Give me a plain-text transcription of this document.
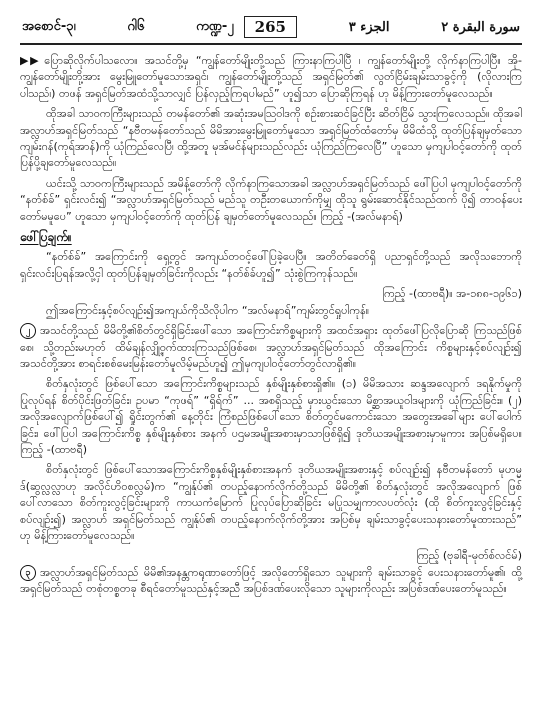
အစောင်-၃၊	ဂါ၆	ကဏ္ဍ-၂	265	الجزء ٣	سورة البقرة ٢

▶▶ ပြောဆိုလိုက်ပါသလော။ အသင်တို့မှ “ကျွန်တော်မျိုးတို့သည် ကြားနာကြပါပြီ ၊ ကျွန်တော်မျိုးတို့ လိုက်နာကြပါပြီ။ အို-ကျွန်တော်မျိုးတို့အား မွေးမြူတော်မူသောအရှင်၊ ကျွန်တော်မျိုးတို့သည် အရှင်မြတ်၏ လွတ်ငြိမ်းချမ်းသာခွင့်ကို (လိုလားကြပါသည်၊) တဖန် အရှင်မြတ်အထံသို့သာလျှင် ပြန်လှည့်ကြရပါမည်” ဟူ၍သာ ပြောဆိုကြရန် ဟု မိန့်ကြားတော်မူလေသည်။

ထိုအခါ သာဝကကြီးများသည် တမန်တော်၏ အဆုံးအမသြဝါဒကို စဉ်းစားဆင်ခြင်ပြီး ဆိတ်ငြိမ် သွားကြလေသည်။ ထိုအခါ အလ္လာဟ်အရှင်မြတ်သည် “နဗီတမန်တော်သည် မိမိအားမွေးမြူတော်မူသော အရှင်မြတ်ထံတော်မှ မိမိထံသို့ ထုတ်ပြန်ချမှတ်သော ကျမ်းဂန်(ကုရ်အာန်)ကို ယုံကြည်လေပြီ၊ ထို့အတူ မုအ်မင်န်များသည်လည်း ယုံကြည်ကြလေပြီ” ဟူသော မှကျပါဝင့်တော်ကို ထုတ်ပြန်ပို့ချတော်မူလေသည်။

ယင်းသို့ သာဝကကြီးများသည် အမိန့်တော်ကို လိုက်နာကြသောအခါ အလ္လာဟ်အရှင်မြတ်သည် ဖေါ်ပြပါ မှကျပါဝင့်တော်ကို “နတ်စ်ခ်” ရှင်းလင်း၍ “အလ္လာဟ်အရှင်မြတ်သည် မည်သူ တဦးတယောက်ကိုမျှ ထိုသူ ရွမ်းဆောင်နိုင်သည်ထက် ပို၍ တာဝန်ပေးတော်မမူပေ” ဟူသော မှကျပါဝင့်တော်ကို ထုတ်ပြန် ချမှတ်တော်မူလေသည်။ ကြည့် -(အလ်မနာရ်)

ဖေါ်ပြချက်။

“နတ်စ်ခ်” အကြောင်းကို ရှေ့တွင် အကျယ်တဝင့်ဖေါ်ပြခဲ့ပေပြီ။ အတိတ်ခေတ်ရှိ ပညာရှင်တို့သည် အလိုသဘောကို ရှင်းလင်းပြရန်အလို့ငှါ ထုတ်ပြန်ချမှတ်ခြင်းကိုလည်း “နတ်စ်ခ်ဟူ၍” သုံးစွဲကြကုန်သည်။

ကြည့် -(ထာဗရီ)။ အ-၁၈၈-၁၉၆၁)

ဤအကြောင်းနှင့်စပ်လျဉ်း၍အကျယ်ကိုသိလိုပါက “အလ်မနာရ်”ကျမ်းတွင်ရှုပါကုန်။

၂ အသင်တို့သည် မိမိတို့၏စိတ်တွင်ရှိခြင်းဖေါ်သော အကြောင်းကိစ္စများကို အထင်အရှား ထုတ်ဖေါ်ပြလိုပြောဆို ကြသည်ဖြစ်စေ၊ သို့တည်းမဟုတ် ထိမ်ချန်လျှို့ဝှက်ထားကြသည်ဖြစ်စေ၊ အလ္လာဟ်အရှင်မြတ်သည် ထိုအကြောင်း ကိစ္စများနှင့်စပ်လျဉ်း၍ အသင်တို့အား စာရင်းစစ်မေးမြန်းတော်မူလိမ့်မည်ဟူ၍ ဤမှကျပါဝင့်တော်တွင်လာရှိ၏။

စိတ်နှလုံးတွင် ဖြစ်ပေါ်သော အကြောင်းကိစ္စများသည် နှစ်မျိုးနှစ်စားရှိ၏။ (၁) မိမိအသား ဆန္ဒအလျောက် ဒရနိုက်မှုကိုပြုလုပ်ရန် စိတ်ပိုင်းဖြတ်ခြင်း၊ ဥပမာ “ကုဖရ်” “ရှိရ်က်” ... အစရှိသည့် မှားယွင်းသော မိစ္ဆာအယူဝါဒများကို ယုံကြည်ခြင်း။ (၂) အလိုအလျောက်ဖြစ်ပေါ်၍ ရှိုင်းတွက်၏ နေ့တိုင်း ကြံစည်ဖြစ်ပေါ်သော စိတ်တွင်မကောင်းသော အတွေးအခေါ်များ ပေါ်ပေါက်ခြင်း၊ ဖေါ်ပြပါ အကြောင်းကိစ္စ နှစ်မျိုးနှစ်စား အနက် ပဌမအမျိုးအစားမှာသာဖြစ်ရှိ၍ ဒုတိယအမျိုးအစားမှာမူကား အပြစ်မရှိပေ။ ကြည့် -(ထာဗရီ)

စိတ်နှလုံးတွင် ဖြစ်ပေါ်သောအကြောင်းကိစ္စနှစ်မျိုးနှစ်စားအနက် ဒုတိယအမျိုးအစားနှင့် စပ်လျဉ်း၍ နဗီတမန်တော် မုဟမ္မဒ်(ဆွလ္လလ္လာဟု အလိုင်ဟိဝစလ္လမ်)က “ကျွန်ုပ်၏ တပည့်နောက်လိုက်တို့သည် မိမိတို့၏ စိတ်နှလုံးတွင် အလိုအလျောက် ဖြစ်ပေါ်လာသော စိတ်ကူးလွင့်ခြင်းများကို ကာယကံမြောက် ပြုလုပ်ပြောဆိုခြင်း မပြုသမျှကာလပတ်လုံး (ထို စိတ်ကူးလွင့်ခြင်းနှင့် စပ်လျဉ်း၍) အလ္လာဟ် အရှင်မြတ်သည် ကျွန်ုပ်၏ တပည့်နောက်လိုက်တို့အား အပြစ်မှ ချမ်းသာခွင့်ပေးသနားတော်မူထားသည်” ဟု မိန့်ကြားတော်မူလေသည်။

ကြည့် (ဗုခါရီ-မုတ်စ်လင်မ်)

၃ အလ္လာဟ်အရှင်မြတ်သည် မိမိ၏အနန္တကရုဏာတော်ဖြင့် အလိုတော်ရှိသော သူများကို ချမ်းသာခွင့် ပေးသနားတော်မူ၏၊ ထို့အရှင်မြတ်သည် တစုံတစ္စတခု စီရင်တော်မူသည်နှင့်အညီ အပြစ်ဒဏ်ပေးလိုသော သူများကိုလည်း အပြစ်ဒဏ်ပေးတော်မူသည်။
